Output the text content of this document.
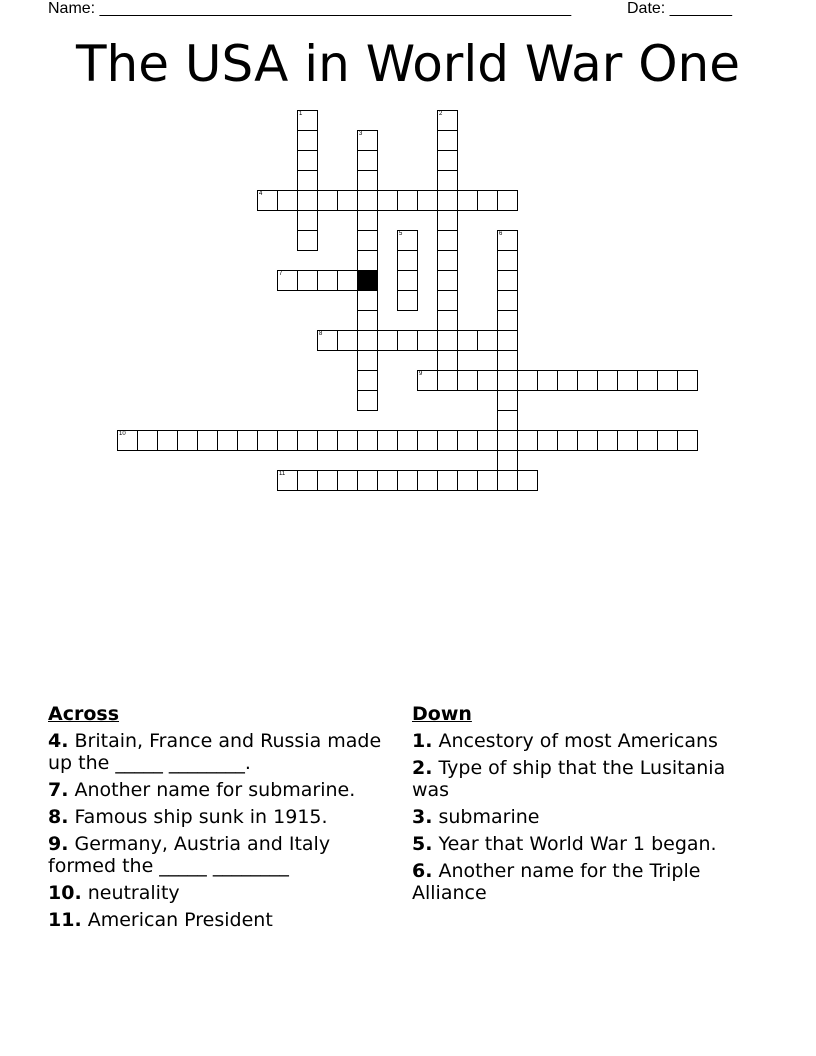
Name: _____________________________________________________	Date: _______
The USA in World War One
1	2
3
4
5	6
7
8
9
10
11
Across
4. Britain, France and Russia made up the _____ ________.
7. Another name for submarine.
8. Famous ship sunk in 1915.
9. Germany, Austria and Italy formed the _____ ________
10. neutrality
11. American President
Down
1. Ancestory of most Americans
2. Type of ship that the Lusitania was
3. submarine
5. Year that World War 1 began.
6. Another name for the Triple Alliance
